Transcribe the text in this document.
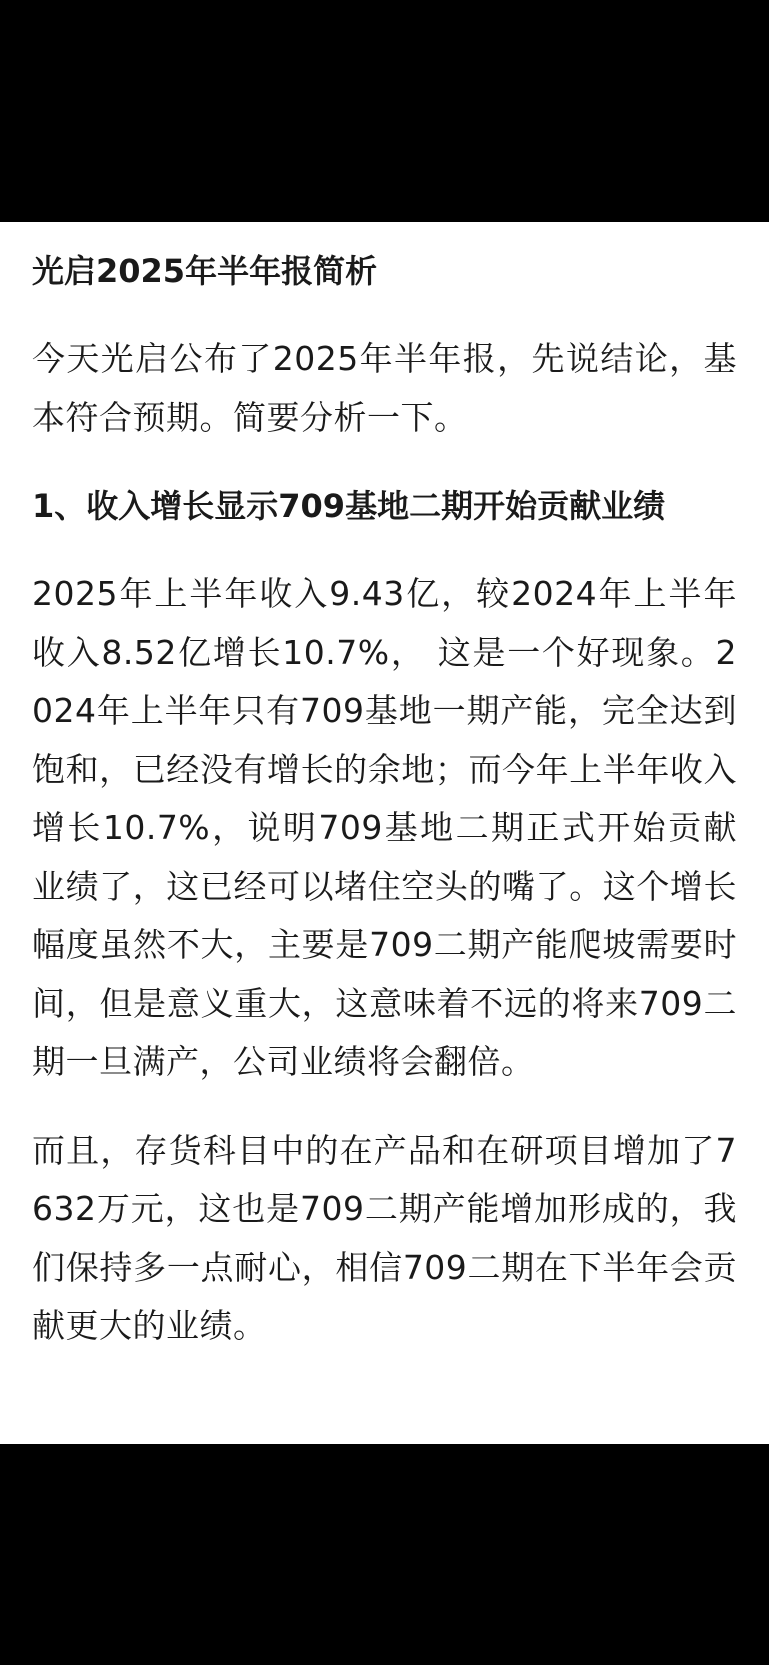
光启2025年半年报简析

今天光启公布了2025年半年报，先说结论，基本符合预期。简要分析一下。

1、收入增长显示709基地二期开始贡献业绩

2025年上半年收入9.43亿，较2024年上半年收入8.52亿增长10.7%， 这是一个好现象。2024年上半年只有709基地一期产能，完全达到饱和，已经没有增长的余地；而今年上半年收入增长10.7%，说明709基地二期正式开始贡献业绩了，这已经可以堵住空头的嘴了。这个增长幅度虽然不大，主要是709二期产能爬坡需要时间，但是意义重大，这意味着不远的将来709二期一旦满产，公司业绩将会翻倍。

而且，存货科目中的在产品和在研项目增加了7632万元，这也是709二期产能增加形成的，我们保持多一点耐心，相信709二期在下半年会贡献更大的业绩。
